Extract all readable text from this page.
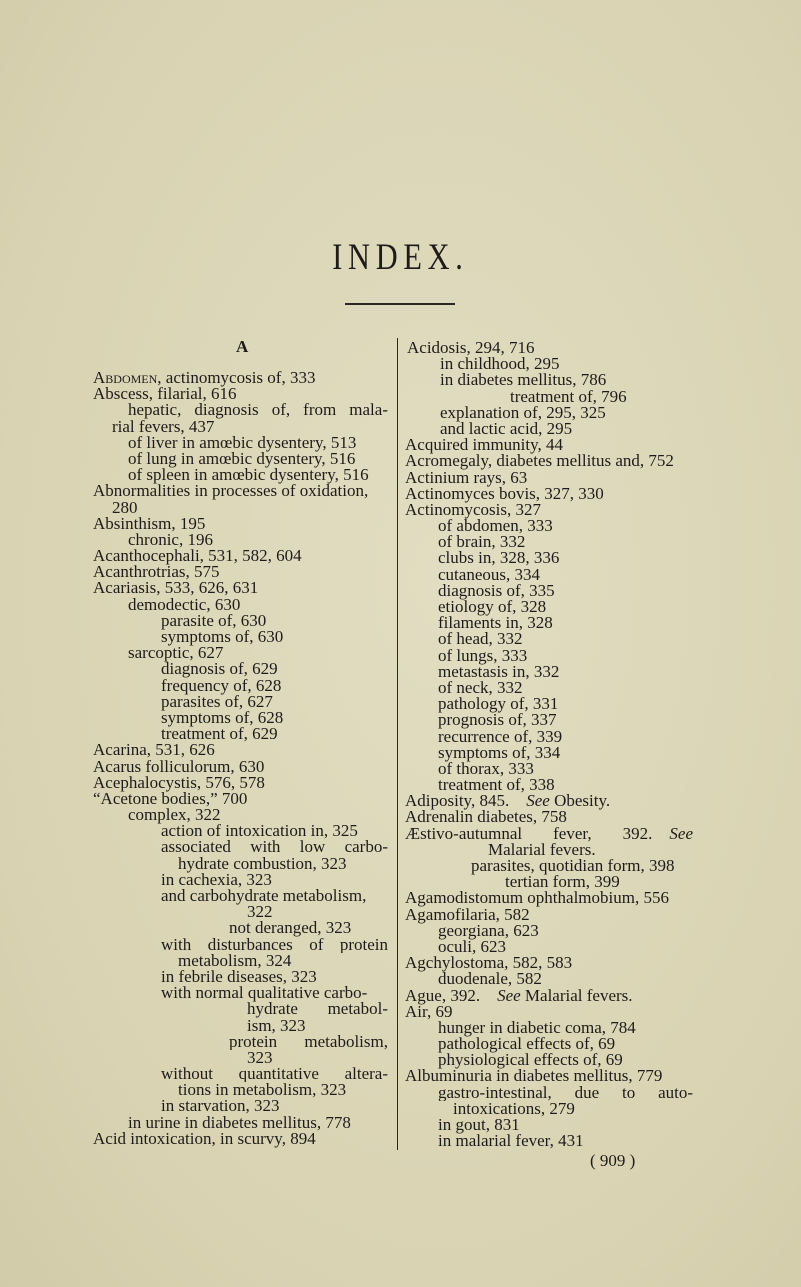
INDEX.
A
Abdomen, actinomycosis of, 333
Abscess, filarial, 616
hepatic, diagnosis of, from mala-
rial fevers, 437
of liver in amœbic dysentery, 513
of lung in amœbic dysentery, 516
of spleen in amœbic dysentery, 516
Abnormalities in processes of oxidation,
280
Absinthism, 195
chronic, 196
Acanthocephali, 531, 582, 604
Acanthrotrias, 575
Acariasis, 533, 626, 631
demodectic, 630
parasite of, 630
symptoms of, 630
sarcoptic, 627
diagnosis of, 629
frequency of, 628
parasites of, 627
symptoms of, 628
treatment of, 629
Acarina, 531, 626
Acarus folliculorum, 630
Acephalocystis, 576, 578
“Acetone bodies,” 700
complex, 322
action of intoxication in, 325
associated with low carbo-
hydrate combustion, 323
in cachexia, 323
and carbohydrate metabolism,
322
not deranged, 323
with disturbances of protein
metabolism, 324
in febrile diseases, 323
with normal qualitative carbo-
hydrate metabol-
ism, 323
protein metabolism,
323
without quantitative altera-
tions in metabolism, 323
in starvation, 323
in urine in diabetes mellitus, 778
Acid intoxication, in scurvy, 894
Acidosis, 294, 716
in childhood, 295
in diabetes mellitus, 786
treatment of, 796
explanation of, 295, 325
and lactic acid, 295
Acquired immunity, 44
Acromegaly, diabetes mellitus and, 752
Actinium rays, 63
Actinomyces bovis, 327, 330
Actinomycosis, 327
of abdomen, 333
of brain, 332
clubs in, 328, 336
cutaneous, 334
diagnosis of, 335
etiology of, 328
filaments in, 328
of head, 332
of lungs, 333
metastasis in, 332
of neck, 332
pathology of, 331
prognosis of, 337
recurrence of, 339
symptoms of, 334
of thorax, 333
treatment of, 338
Adiposity, 845.  See Obesity.
Adrenalin diabetes, 758
Æstivo-autumnal fever, 392.  See
Malarial fevers.
parasites, quotidian form, 398
tertian form, 399
Agamodistomum ophthalmobium, 556
Agamofilaria, 582
georgiana, 623
oculi, 623
Agchylostoma, 582, 583
duodenale, 582
Ague, 392.  See Malarial fevers.
Air, 69
hunger in diabetic coma, 784
pathological effects of, 69
physiological effects of, 69
Albuminuria in diabetes mellitus, 779
gastro-intestinal, due to auto-
intoxications, 279
in gout, 831
in malarial fever, 431
( 909 )
